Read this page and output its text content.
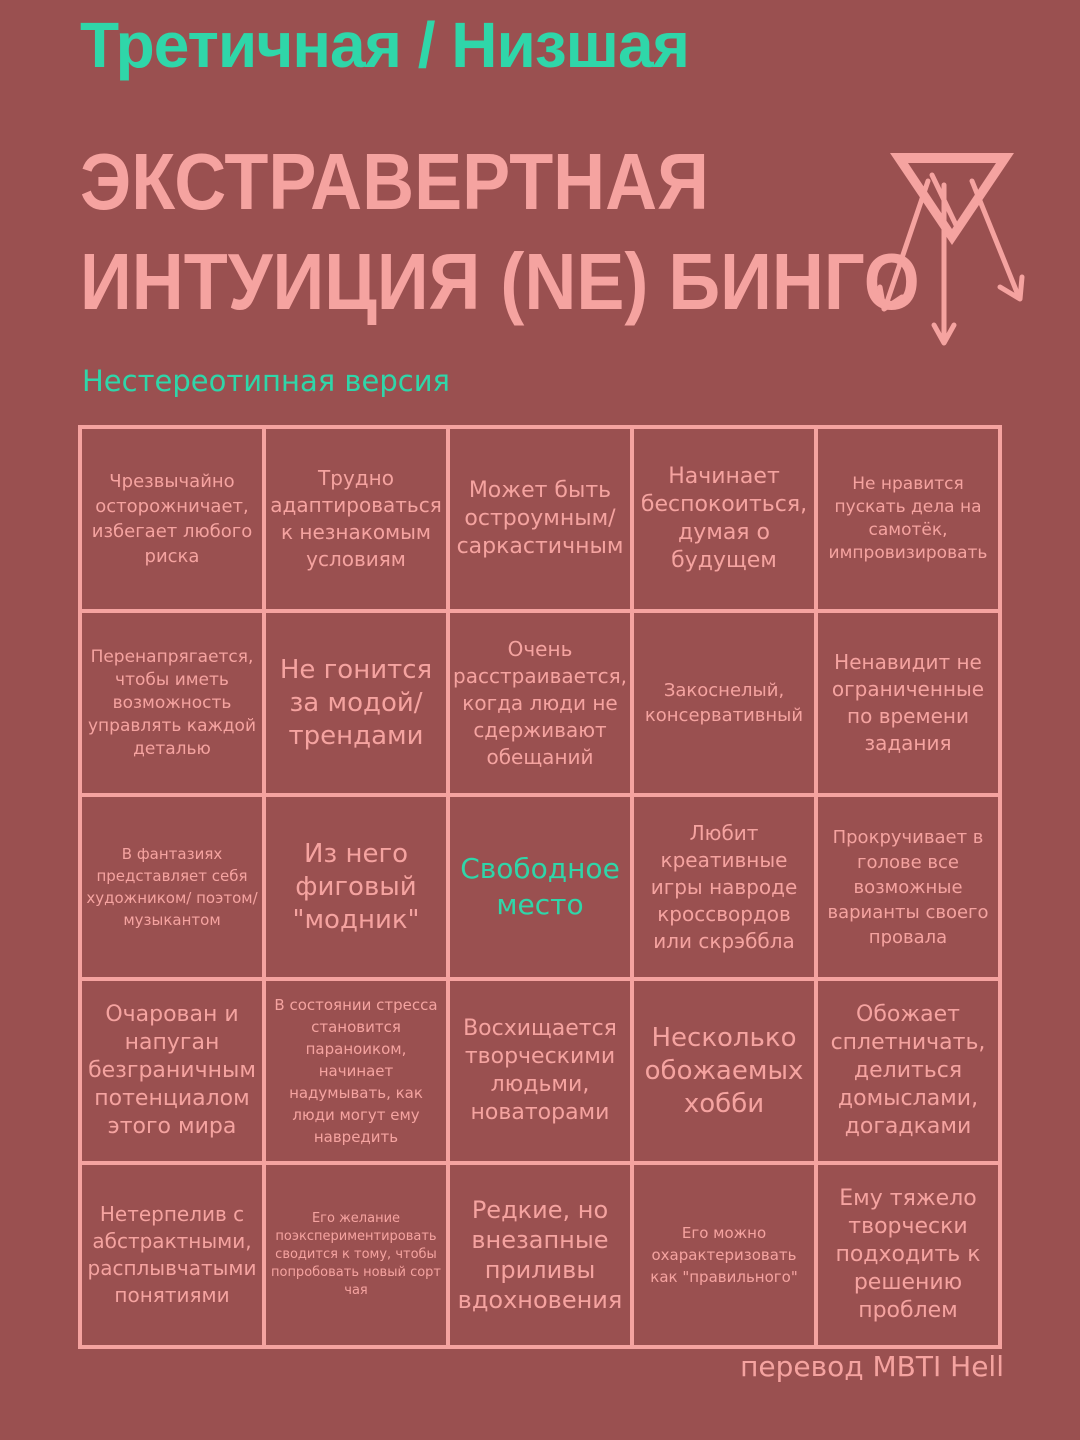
Третичная / Низшая
ЭКСТРАВЕРТНАЯ
ИНТУИЦИЯ (NE) БИНГО
Нестереотипная версия
Чрезвычайно осторожничает, избегает любого риска
Трудно адаптироваться к незнакомым условиям
Может быть остроумным/ саркастичным
Начинает беспокоиться, думая о будущем
Не нравится пускать дела на самотёк, импровизировать
Перенапрягается, чтобы иметь возможность управлять каждой деталью
Не гонится за модой/ трендами
Очень расстраивается, когда люди не сдерживают обещаний
Закоснелый, консервативный
Ненавидит не ограниченные по времени задания
В фантазиях представляет себя художником/ поэтом/музыкантом
Из него фиговый "модник"
Свободное место
Любит креативные игры навроде кроссвордов или скрэббла
Прокручивает в голове все возможные варианты своего провала
Очарован и напуган безграничным потенциалом этого мира
В состоянии стресса становится параноиком, начинает надумывать, как люди могут ему навредить
Восхищается творческими людьми, новаторами
Несколько обожаемых хобби
Обожает сплетничать, делиться домыслами, догадками
Нетерпелив с абстрактными, расплывчатыми понятиями
Его желание поэкспериментировать сводится к тому, чтобы попробовать новый сорт чая
Редкие, но внезапные приливы вдохновения
Его можно охарактеризовать как "правильного"
Ему тяжело творчески подходить к решению проблем
перевод MBTI Hell
